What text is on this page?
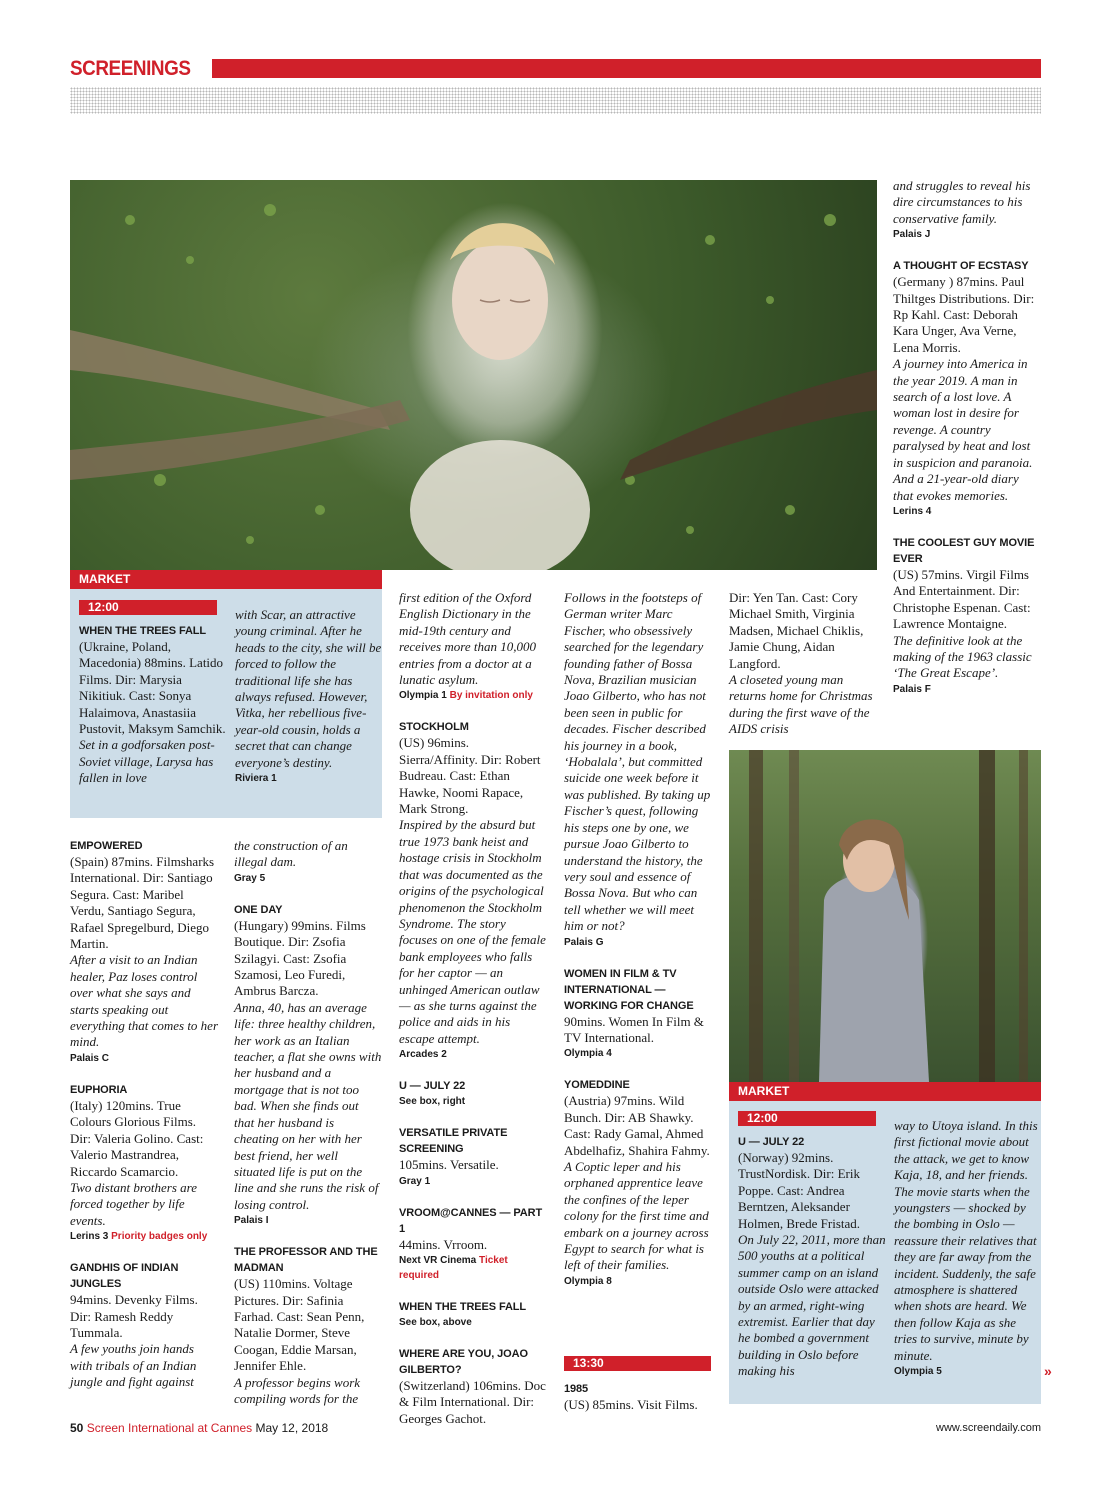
SCREENINGS
MARKET
12:00

WHEN THE TREES FALL

(Ukraine, Poland, Macedonia) 88mins. Latido Films. Dir: Marysia Nikitiuk. Cast: Sonya Halaimova, Anastasiia Pustovit, Maksym Samchik.

Set in a godforsaken post-Soviet village, Larysa has fallen in love

with Scar, an attractive young criminal. After he heads to the city, she will be forced to follow the traditional life she has always refused. However, Vitka, her rebellious five-year-old cousin, holds a secret that can change everyone’s destiny.

Riviera 1

EMPOWERED

(Spain) 87mins. Filmsharks International. Dir: Santiago Segura. Cast: Maribel Verdu, Santiago Segura, Rafael Spregelburd, Diego Martin.

After a visit to an Indian healer, Paz loses control over what she says and starts speaking out everything that comes to her mind.

Palais C

EUPHORIA

(Italy) 120mins. True Colours Glorious Films. Dir: Valeria Golino. Cast: Valerio Mastrandrea, Riccardo Scamarcio.

Two distant brothers are forced together by life events.

Lerins 3 Priority badges only

GANDHIS OF INDIAN JUNGLES

94mins. Devenky Films. Dir: Ramesh Reddy Tummala.

A few youths join hands with tribals of an Indian jungle and fight against

the construction of an illegal dam.

Gray 5

ONE DAY

(Hungary) 99mins. Films Boutique. Dir: Zsofia Szilagyi. Cast: Zsofia Szamosi, Leo Furedi, Ambrus Barcza.

Anna, 40, has an average life: three healthy children, her work as an Italian teacher, a flat she owns with her husband and a mortgage that is not too bad. When she finds out that her husband is cheating on her with her best friend, her well situated life is put on the line and she runs the risk of losing control.

Palais I

THE PROFESSOR AND THE MADMAN

(US) 110mins. Voltage Pictures. Dir: Safinia Farhad. Cast: Sean Penn, Natalie Dormer, Steve Coogan, Eddie Marsan, Jennifer Ehle.

A professor begins work compiling words for the

first edition of the Oxford English Dictionary in the mid-19th century and receives more than 10,000 entries from a doctor at a lunatic asylum.

Olympia 1 By invitation only

STOCKHOLM

(US) 96mins. Sierra/Affinity. Dir: Robert Budreau. Cast: Ethan Hawke, Noomi Rapace, Mark Strong.

Inspired by the absurd but true 1973 bank heist and hostage crisis in Stockholm that was documented as the origins of the psychological phenomenon the Stockholm Syndrome. The story focuses on one of the female bank employees who falls for her captor — an unhinged American outlaw — as she turns against the police and aids in his escape attempt.

Arcades 2

U — JULY 22

See box, right

VERSATILE PRIVATE SCREENING

105mins. Versatile.

Gray 1

VROOM@CANNES — PART 1

44mins. Vrroom.

Next VR Cinema Ticket required

WHEN THE TREES FALL

See box, above

WHERE ARE YOU, JOAO GILBERTO?

(Switzerland) 106mins. Doc & Film International. Dir: Georges Gachot.

Follows in the footsteps of German writer Marc Fischer, who obsessively searched for the legendary founding father of Bossa Nova, Brazilian musician Joao Gilberto, who has not been seen in public for decades. Fischer described his journey in a book, ‘Hobalala’, but committed suicide one week before it was published. By taking up Fischer’s quest, following his steps one by one, we pursue Joao Gilberto to understand the history, the very soul and essence of Bossa Nova. But who can tell whether we will meet him or not?

Palais G

WOMEN IN FILM & TV INTERNATIONAL — WORKING FOR CHANGE

90mins. Women In Film & TV International.

Olympia 4

YOMEDDINE

(Austria) 97mins. Wild Bunch. Dir: AB Shawky. Cast: Rady Gamal, Ahmed Abdelhafiz, Shahira Fahmy.

A Coptic leper and his orphaned apprentice leave the confines of the leper colony for the first time and embark on a journey across Egypt to search for what is left of their families.

Olympia 8

13:30

1985

(US) 85mins. Visit Films.

Dir: Yen Tan. Cast: Cory Michael Smith, Virginia Madsen, Michael Chiklis, Jamie Chung, Aidan Langford.

A closeted young man returns home for Christmas during the first wave of the AIDS crisis

and struggles to reveal his dire circumstances to his conservative family.

Palais J

A THOUGHT OF ECSTASY

(Germany ) 87mins. Paul Thiltges Distributions. Dir: Rp Kahl. Cast: Deborah Kara Unger, Ava Verne, Lena Morris.

A journey into America in the year 2019. A man in search of a lost love. A woman lost in desire for revenge. A country paralysed by heat and lost in suspicion and paranoia. And a 21-year-old diary that evokes memories.

Lerins 4

THE COOLEST GUY MOVIE EVER

(US) 57mins. Virgil Films And Entertainment. Dir: Christophe Espenan. Cast: Lawrence Montaigne.

The definitive look at the making of the 1963 classic ‘The Great Escape’.

Palais F

MARKET
12:00

U — JULY 22

(Norway) 92mins. TrustNordisk. Dir: Erik Poppe. Cast: Andrea Berntzen, Aleksander Holmen, Brede Fristad.

On July 22, 2011, more than 500 youths at a political summer camp on an island outside Oslo were attacked by an armed, right-wing extremist. Earlier that day he bombed a government building in Oslo before making his

way to Utoya island. In this first fictional movie about the attack, we get to know Kaja, 18, and her friends. The movie starts when the youngsters — shocked by the bombing in Oslo — reassure their relatives that they are far away from the incident. Suddenly, the safe atmosphere is shattered when shots are heard. We then follow Kaja as she tries to survive, minute by minute.

Olympia 5	»
50 Screen International at Cannes May 12, 2018	www.screendaily.com
